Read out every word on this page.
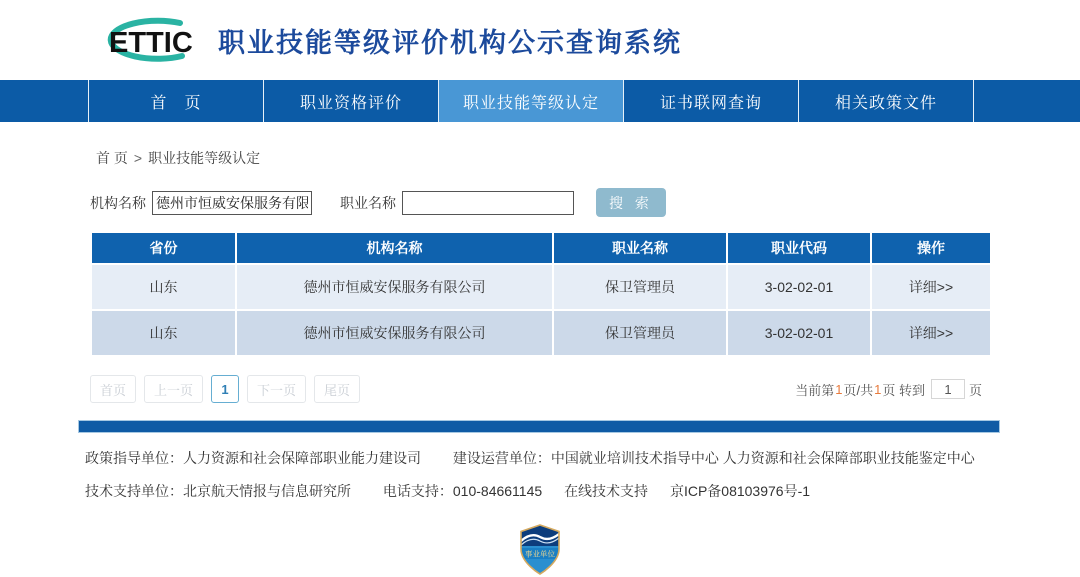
ETTIC 职业技能等级评价机构公示查询系统
首　页	职业资格评价	职业技能等级认定	证书联网查询	相关政策文件
首 页 > 职业技能等级认定
机构名称
德州市恒威安保服务有限公司	职业名称	搜 索
省份	机构名称	职业名称	职业代码	操作
山东	德州市恒威安保服务有限公司	保卫管理员	3-02-02-01	详细>>
山东	德州市恒威安保服务有限公司	保卫管理员	3-02-02-01	详细>>
首页	上一页	1	下一页	尾页	当前第 1 页/共 1 页 转到
1	页
政策指导单位：人力资源和社会保障部职业能力建设司 建设运营单位：中国就业培训技术指导中心 人力资源和社会保障部职业技能鉴定中心
技术支持单位：北京航天情报与信息研究所 电话支持：010-84661145 在线技术支持 京ICP备08103976号-1
事业单位
